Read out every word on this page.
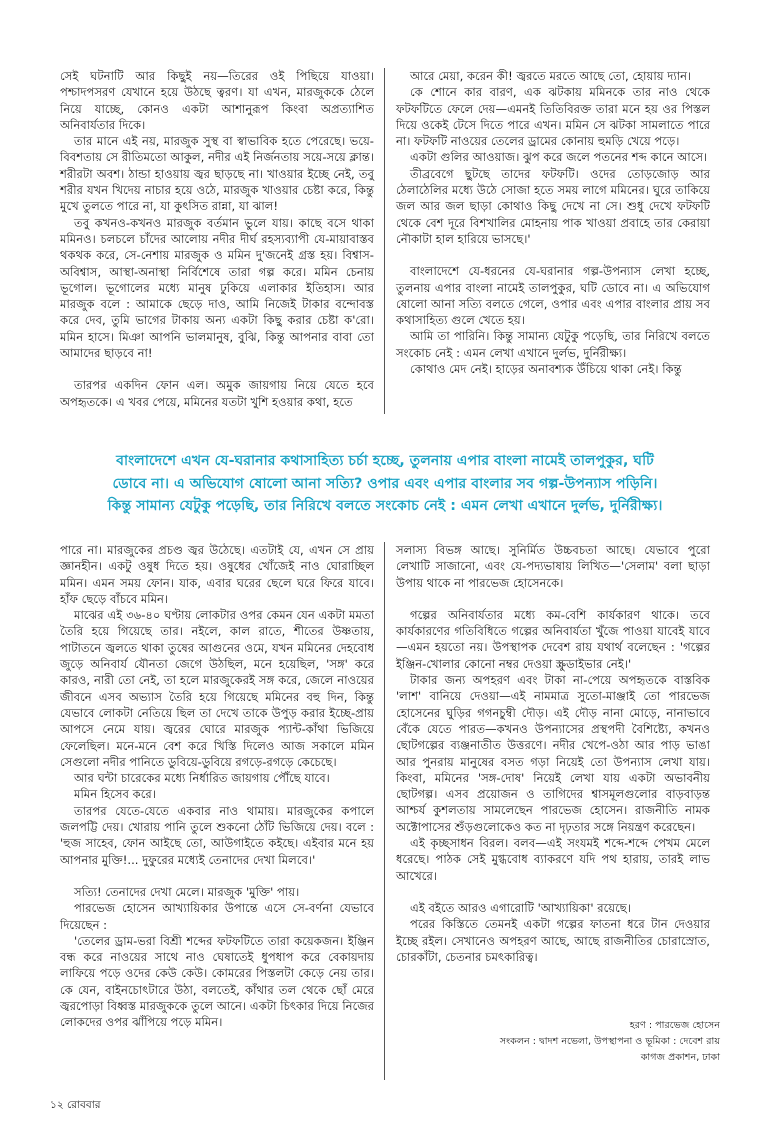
সেই ঘটনাটি আর কিছুই নয়—তিরের ওই পিছিয়ে যাওয়া। পশ্চাদপসরণ যেখানে হয়ে উঠছে ত্বরণ। যা এখন, মারজুককে ঠেলে নিয়ে যাচ্ছে, কোনও একটা আশানুরূপ কিংবা অপ্রত্যাশিত অনিবার্যতার দিকে।

তার মানে এই নয়, মারজুক সুস্থ বা স্বাভাবিক হতে পেরেছে। ভয়ে-বিবশতায় সে রীতিমতো আকুল, নদীর এই নির্জনতায় সয়ে-সয়ে ক্লান্ত। শরীরটা অবশ। ঠান্ডা হাওয়ায় জ্বর ছাড়ছে না। খাওয়ার ইচ্ছে নেই, তবু শরীর যখন খিদেয় নাচার হয়ে ওঠে, মারজুক খাওয়ার চেষ্টা করে, কিন্তু মুখে তুলতে পারে না, যা কুৎসিত রান্না, যা ঝাল!

তবু কখনও-কখনও মারজুক বর্তমান ভুলে যায়। কাছে বসে থাকা মমিনও। চলচলে চাঁদের আলোয় নদীর দীর্ঘ রহস্যব্যাপী যে-মায়াবাস্তব থকথক করে, সে-নেশায় মারজুক ও মমিন দু'জনেই গ্রস্ত হয়। বিশ্বাস-অবিশ্বাস, আস্থা-অনাস্থা নির্বিশেষে তারা গল্প করে। মমিন চেনায় ভূগোল। ভূগোলের মধ্যে মানুষ ঢুকিয়ে এলাকার ইতিহাস। আর মারজুক বলে : আমাকে ছেড়ে দাও, আমি নিজেই টাকার বন্দোবস্ত করে দেব, তুমি ভাগের টাকায় অন্য একটা কিছু করার চেষ্টা ক'রো। মমিন হাসে। মিঞা আপনি ভালমানুষ, বুঝি, কিন্তু আপনার বাবা তো আমাদের ছাড়বে না!

তারপর একদিন ফোন এল। অমুক জায়গায় নিয়ে যেতে হবে অপহৃতকে। এ খবর পেয়ে, মমিনের যতটা খুশি হওয়ার কথা, হতে

আরে মেয়া, করেন কী! জ্বরতে মরতে আছে তো, হোয়ায় দ্যান।

কে শোনে কার বারণ, এক ঝটকায় মমিনকে তার নাও থেকে ফটফটিতে ফেলে দেয়—এমনই তিতিবিরক্ত তারা মনে হয় ওর পিস্তল দিয়ে ওকেই টেসে দিতে পারে এখন। মমিন সে ঝটকা সামলাতে পারে না। ফটফটি নাওয়ের তেলের ড্রামের কোনায় হুমড়ি খেয়ে পড়ে।

একটা গুলির আওয়াজ। ঝুপ করে জলে পতনের শব্দ কানে আসে।

তীব্রবেগে ছুটছে তাদের ফটফটি। ওদের তোড়জোড় আর ঠেলাঠেলির মধ্যে উঠে সোজা হতে সময় লাগে মমিনের। ঘুরে তাকিয়ে জল আর জল ছাড়া কোথাও কিছু দেখে না সে। শুধু দেখে ফটফটি থেকে বেশ দূরে বিশখালির মোহনায় পাক খাওয়া প্রবাহে তার কেরায়া নৌকাটা হাল হারিয়ে ভাসছে।'

বাংলাদেশে যে-ধরনের যে-ঘরানার গল্প-উপন্যাস লেখা হচ্ছে, তুলনায় এপার বাংলা নামেই তালপুকুর, ঘটি ডোবে না। এ অভিযোগ ষোলো আনা সত্যি বলতে গেলে, ওপার এবং এপার বাংলার প্রায় সব কথাসাহিত্য গুলে খেতে হয়।

আমি তা পারিনি। কিন্তু সামান্য যেটুকু পড়েছি, তার নিরিখে বলতে সংকোচ নেই : এমন লেখা এখানে দুর্লভ, দুর্নিরীক্ষ্য।

কোথাও মেদ নেই। হাড়ের অনাবশ্যক উঁচিয়ে থাকা নেই। কিন্তু

বাংলাদেশে এখন যে-ঘরানার কথাসাহিত্য চর্চা হচ্ছে, তুলনায় এপার বাংলা নামেই তালপুকুর, ঘটি
ডোবে না। এ অভিযোগ ষোলো আনা সত্যি? ওপার এবং এপার বাংলার সব গল্প-উপন্যাস পড়িনি।
কিন্তু সামান্য যেটুকু পড়েছি, তার নিরিখে বলতে সংকোচ নেই : এমন লেখা এখানে দুর্লভ, দুর্নিরীক্ষ্য।

পারে না। মারজুকের প্রচণ্ড জ্বর উঠেছে। এতটাই যে, এখন সে প্রায় জ্ঞানহীন। একটু ওষুধ দিতে হয়। ওষুধের খোঁজেই নাও ঘোরাচ্ছিল মমিন। এমন সময় ফোন। যাক, এবার ঘরের ছেলে ঘরে ফিরে যাবে। হাঁফ ছেড়ে বাঁচবে মমিন।

মাঝের এই ৩৬-৪০ ঘণ্টায় লোকটার ওপর কেমন যেন একটা মমতা তৈরি হয়ে গিয়েছে তার। নইলে, কাল রাতে, শীতের উষ্ণতায়, পাটাতনে জ্বলতে থাকা তুষের আগুনের ওমে, যখন মমিনের দেহবোধ জুড়ে অনিবার্য যৌনতা জেগে উঠছিল, মনে হয়েছিল, 'সঙ্গ' করে কারও, নারী তো নেই, তা হলে মারজুকেরই সঙ্গ করে, জেলে নাওয়ের জীবনে এসব অভ্যাস তৈরি হয়ে গিয়েছে মমিনের বহু দিন, কিন্তু যেভাবে লোকটা নেতিয়ে ছিল তা দেখে তাকে উপুড় করার ইচ্ছে-প্রায় আপসে নেমে যায়। জ্বরের ঘোরে মারজুক প্যান্ট-কাঁথা ভিজিয়ে ফেলেছিল। মনে-মনে বেশ করে খিস্তি দিলেও আজ সকালে মমিন সেগুলো নদীর পানিতে ডুবিয়ে-ডুবিয়ে রগড়ে-রগড়ে কেচেছে।

আর ঘন্টা চারেকের মধ্যে নির্ধারিত জায়গায় পৌঁছে যাবে।

মমিন হিসেব করে।

তারপর যেতে-যেতে একবার নাও থামায়। মারজুকের কপালে জলপট্টি দেয়। খোরায় পানি তুলে শুকনো ঠোঁট ভিজিয়ে দেয়। বলে : 'হুজ সাহেব, ফোন আইছে তো, আউগাইতে কইছে। এইবার মনে হয় আপনার মুক্তি!... দুফুরের মধ্যেই তেনাদের দেখা মিলবে।'

সত্যি! তেনাদের দেখা মেলে। মারজুক 'মুক্তি' পায়।

পারভেজ হোসেন আখ্যায়িকার উপান্তে এসে সে-বর্ণনা যেভাবে দিয়েছেন :

'তেলের ড্রাম-ভরা বিশ্রী শব্দের ফটফটিতে তারা কয়েকজন। ইঞ্জিন বন্ধ করে নাওয়ের সাথে নাও ঘেষাতেই ধুপধাপ করে বেকায়দায় লাফিয়ে পড়ে ওদের কেউ কেউ। কোমরের পিস্তলটা কেড়ে নেয় তার। কে যেন, বাইনচোৎটারে উঠা, বলতেই, কাঁথার তল থেকে ছোঁ মেরে জ্বরপোড়া বিধ্বস্ত মারজুককে তুলে আনে। একটা চিৎকার দিয়ে নিজের লোকদের ওপর ঝাঁপিয়ে পড়ে মমিন।

সলাস্য বিভঙ্গ আছে। সুনির্মিত উচ্চবচতা আছে। যেভাবে পুরো লেখাটি সাজানো, এবং যে-পদ্যভাষায় লিখিত—'সেলাম' বলা ছাড়া উপায় থাকে না পারভেজ হোসেনকে।

গল্পের অনিবার্যতার মধ্যে কম-বেশি কার্যকারণ থাকে। তবে কার্যকারণের গতিবিধিতে গল্পের অনিবার্যতা খুঁজে পাওয়া যাবেই যাবে—এমন হয়তো নয়। উপস্থাপক দেবেশ রায় যথার্থ বলেছেন : 'গল্পের ইঞ্জিন-খোলার কোনো নম্বর দেওয়া স্ক্রুডাইভার নেই।'

টাকার জন্য অপহরণ এবং টাকা না-পেয়ে অপহৃতকে বাস্তবিক 'লাশ' বানিয়ে দেওয়া—এই নামমাত্র সুতো-মাঞ্জাই তো পারভেজ হোসেনের ঘুড়ির গগনচুম্বী দৌড়। এই দৌড় নানা মোড়ে, নানাভাবে বেঁকে যেতে পারত—কখনও উপন্যাসের প্রস্থপদী বৈশিষ্ট্যে, কখনও ছোটগল্পের ব্যঞ্জনাতীত উত্তরণে। নদীর খেপে-ওঠা আর পাড় ভাঙা আর পুনরায় মানুষের বসত গড়া নিয়েই তো উপন্যাস লেখা যায়। কিংবা, মমিনের 'সঙ্গ-দোষ' নিয়েই লেখা যায় একটা অভাবনীয় ছোটগল্প। এসব প্রয়োজন ও তাগিদের শ্বাসমূলগুলোর বাড়বাড়ন্ত আশ্চর্য কুশলতায় সামলেছেন পারভেজ হোসেন। রাজনীতি নামক অক্টোপাসের শুঁড়গুলোকেও কত না দৃঢ়তার সঙ্গে নিয়ন্ত্রণ করেছেন।

এই কৃচ্ছসাধন বিরল। বলব—এই সংযমই শব্দে-শব্দে পেখম মেলে ধরেছে। পাঠক সেই মুগ্ধবোধ ব্যাকরণে যদি পথ হারায়, তারই লাভ আখেরে।

এই বইতে আরও এগারোটি 'আখ্যায়িকা' রয়েছে।

পরের কিস্তিতে তেমনই একটা গল্পের ফাতনা ধরে টান দেওয়ার ইচ্ছে রইল। সেখানেও অপহরণ আছে, আছে রাজনীতির চোরাস্রোত, চোরকাঁটা, চেতনার চমৎকারিত্ব।

হরণ : পারভেজ হোসেন
সংকলন : দ্বাদশ নভেলা, উপস্থাপনা ও ভূমিকা : দেবেশ রায়
কাগজ প্রকাশন, ঢাকা
১২ রোববার
